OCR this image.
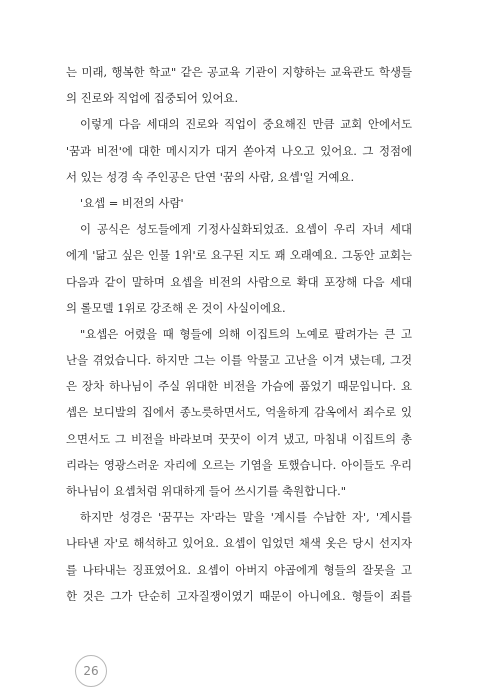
는 미래, 행복한 학교" 같은 공교육 기관이 지향하는 교육관도 학생들
의 진로와 직업에 집중되어 있어요.
이렇게 다음 세대의 진로와 직업이 중요해진 만큼 교회 안에서도
'꿈과 비전'에 대한 메시지가 대거 쏟아져 나오고 있어요. 그 정점에
서 있는 성경 속 주인공은 단연 '꿈의 사람, 요셉'일 거예요.
'요셉 = 비전의 사람'
이 공식은 성도들에게 기정사실화되었죠. 요셉이 우리 자녀 세대
에게 '닮고 싶은 인물 1위'로 요구된 지도 꽤 오래예요. 그동안 교회는
다음과 같이 말하며 요셉을 비전의 사람으로 확대 포장해 다음 세대
의 롤모델 1위로 강조해 온 것이 사실이에요.
"요셉은 어렸을 때 형들에 의해 이집트의 노예로 팔려가는 큰 고
난을 겪었습니다. 하지만 그는 이를 악물고 고난을 이겨 냈는데, 그것
은 장차 하나님이 주실 위대한 비전을 가슴에 품었기 때문입니다. 요
셉은 보디발의 집에서 종노릇하면서도, 억울하게 감옥에서 죄수로 있
으면서도 그 비전을 바라보며 꿋꿋이 이겨 냈고, 마침내 이집트의 총
리라는 영광스러운 자리에 오르는 기염을 토했습니다. 아이들도 우리
하나님이 요셉처럼 위대하게 들어 쓰시기를 축원합니다."
하지만 성경은 '꿈꾸는 자'라는 말을 '계시를 수납한 자', '계시를
나타낸 자'로 해석하고 있어요. 요셉이 입었던 채색 옷은 당시 선지자
를 나타내는 징표였어요. 요셉이 아버지 야곱에게 형들의 잘못을 고
한 것은 그가 단순히 고자질쟁이였기 때문이 아니에요. 형들이 죄를
26
